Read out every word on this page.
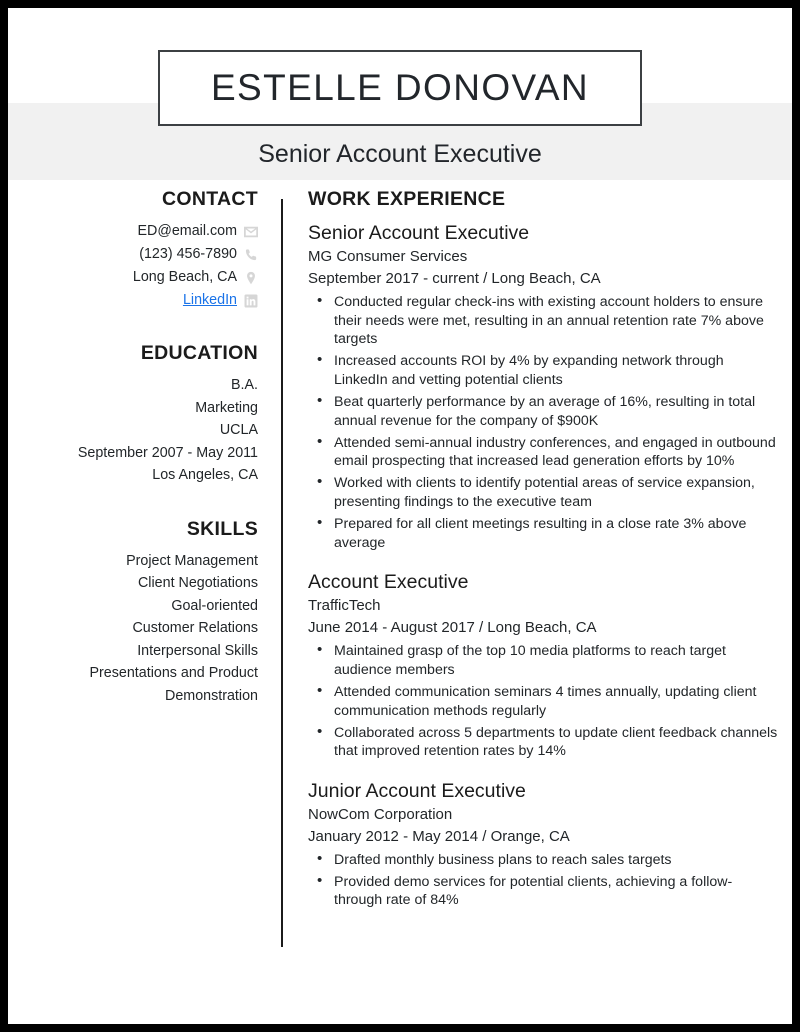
ESTELLE DONOVAN
Senior Account Executive
CONTACT
ED@email.com
(123) 456-7890
Long Beach, CA
LinkedIn
EDUCATION
B.A.
Marketing
UCLA
September 2007 - May 2011
Los Angeles, CA
SKILLS
Project Management
Client Negotiations
Goal-oriented
Customer Relations
Interpersonal Skills
Presentations and Product Demonstration
WORK EXPERIENCE
Senior Account Executive
MG Consumer Services
September 2017 - current / Long Beach, CA
• Conducted regular check-ins with existing account holders to ensure their needs were met, resulting in an annual retention rate 7% above targets
• Increased accounts ROI by 4% by expanding network through LinkedIn and vetting potential clients
• Beat quarterly performance by an average of 16%, resulting in total annual revenue for the company of $900K
• Attended semi-annual industry conferences, and engaged in outbound email prospecting that increased lead generation efforts by 10%
• Worked with clients to identify potential areas of service expansion, presenting findings to the executive team
• Prepared for all client meetings resulting in a close rate 3% above average
Account Executive
TrafficTech
June 2014 - August 2017 / Long Beach, CA
• Maintained grasp of the top 10 media platforms to reach target audience members
• Attended communication seminars 4 times annually, updating client communication methods regularly
• Collaborated across 5 departments to update client feedback channels that improved retention rates by 14%
Junior Account Executive
NowCom Corporation
January 2012 - May 2014 / Orange, CA
• Drafted monthly business plans to reach sales targets
• Provided demo services for potential clients, achieving a follow-through rate of 84%
